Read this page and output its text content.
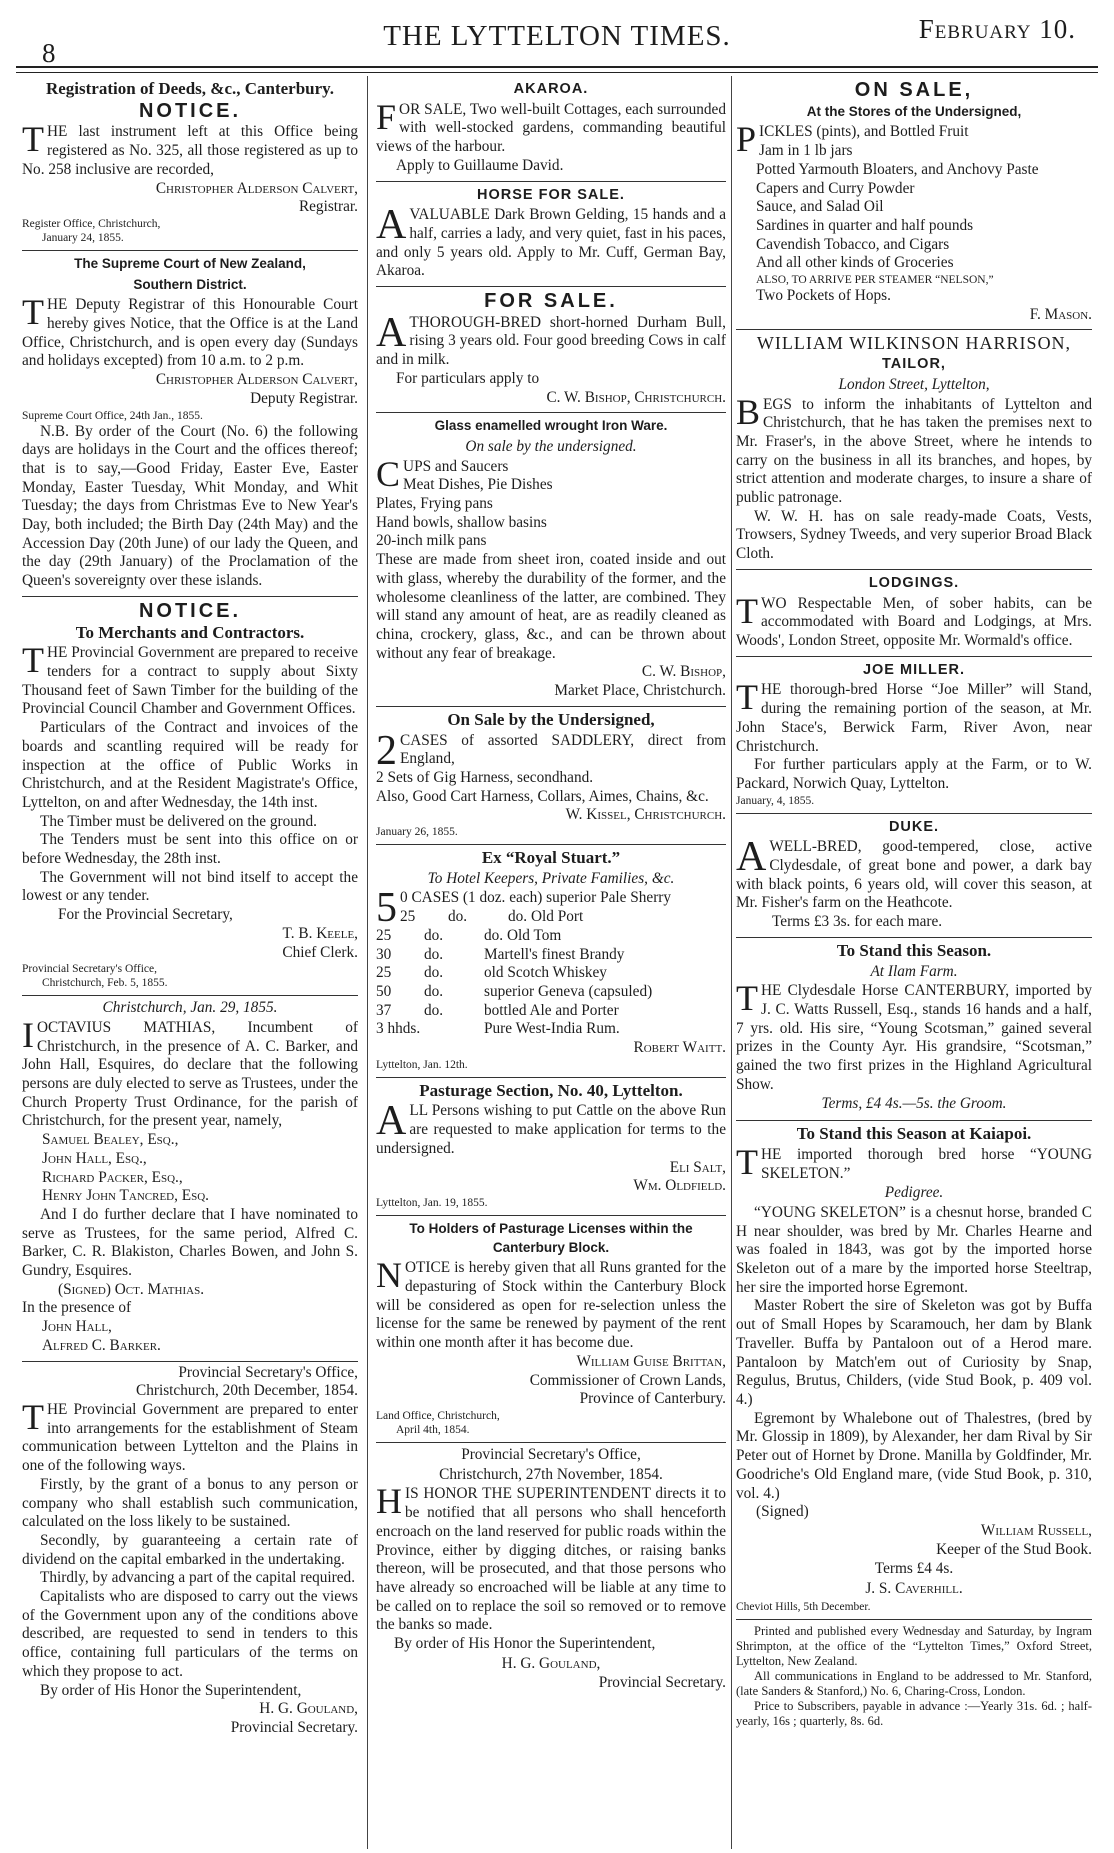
8
THE LYTTELTON TIMES.	February 10.
Registration of Deeds, &c., Canterbury.
NOTICE.

THE last instrument left at this Office being registered as No. 325, all those registered as up to No. 258 inclusive are recorded,

Christopher Alderson Calvert,

Registrar.

Register Office, Christchurch,

January 24, 1855.

The Supreme Court of New Zealand,
Southern District.

THE Deputy Registrar of this Honourable Court hereby gives Notice, that the Office is at the Land Office, Christchurch, and is open every day (Sundays and holidays excepted) from 10 a.m. to 2 p.m.

Christopher Alderson Calvert,

Deputy Registrar.

Supreme Court Office, 24th Jan., 1855.

N.B. By order of the Court (No. 6) the following days are holidays in the Court and the offices thereof; that is to say,—Good Friday, Easter Eve, Easter Monday, Easter Tuesday, Whit Monday, and Whit Tuesday; the days from Christmas Eve to New Year's Day, both included; the Birth Day (24th May) and the Accession Day (20th June) of our lady the Queen, and the day (29th January) of the Proclamation of the Queen's sovereignty over these islands.

NOTICE.
To Merchants and Contractors.

THE Provincial Government are prepared to receive tenders for a contract to supply about Sixty Thousand feet of Sawn Timber for the building of the Provincial Council Chamber and Government Offices.

Particulars of the Contract and invoices of the boards and scantling required will be ready for inspection at the office of Public Works in Christchurch, and at the Resident Magistrate's Office, Lyttelton, on and after Wednesday, the 14th inst.

The Timber must be delivered on the ground.

The Tenders must be sent into this office on or before Wednesday, the 28th inst.

The Government will not bind itself to accept the lowest or any tender.

For the Provincial Secretary,

T. B. Keele,

Chief Clerk.

Provincial Secretary's Office,

Christchurch, Feb. 5, 1855.

Christchurch, Jan. 29, 1855.

IOCTAVIUS MATHIAS, Incumbent of Christchurch, in the presence of A. C. Barker, and John Hall, Esquires, do declare that the following persons are duly elected to serve as Trustees, under the Church Property Trust Ordinance, for the parish of Christchurch, for the present year, namely,

Samuel Bealey, Esq.,

John Hall, Esq.,

Richard Packer, Esq.,

Henry John Tancred, Esq.

And I do further declare that I have nominated to serve as Trustees, for the same period, Alfred C. Barker, C. R. Blakiston, Charles Bowen, and John S. Gundry, Esquires.

(Signed) Oct. Mathias.

In the presence of

John Hall,

Alfred C. Barker.

Provincial Secretary's Office,

Christchurch, 20th December, 1854.

THE Provincial Government are prepared to enter into arrangements for the establishment of Steam communication between Lyttelton and the Plains in one of the following ways.

Firstly, by the grant of a bonus to any person or company who shall establish such communication, calculated on the loss likely to be sustained.

Secondly, by guaranteeing a certain rate of dividend on the capital embarked in the undertaking.

Thirdly, by advancing a part of the capital required.

Capitalists who are disposed to carry out the views of the Government upon any of the conditions above described, are requested to send in tenders to this office, containing full particulars of the terms on which they propose to act.

By order of His Honor the Superintendent,

H. G. Gouland,

Provincial Secretary.

AKAROA.

FOR SALE, Two well-built Cottages, each surrounded with well-stocked gardens, commanding beautiful views of the harbour.

Apply to Guillaume David.

HORSE FOR SALE.

AVALUABLE Dark Brown Gelding, 15 hands and a half, carries a lady, and very quiet, fast in his paces, and only 5 years old. Apply to Mr. Cuff, German Bay, Akaroa.

FOR SALE.

ATHOROUGH-BRED short-horned Durham Bull, rising 3 years old. Four good breeding Cows in calf and in milk.

For particulars apply to

C. W. Bishop, Christchurch.

Glass enamelled wrought Iron Ware.
On sale by the undersigned.

CUPS and Saucers

Meat Dishes, Pie Dishes

Plates, Frying pans

Hand bowls, shallow basins

20-inch milk pans

These are made from sheet iron, coated inside and out with glass, whereby the durability of the former, and the wholesome cleanliness of the latter, are combined. They will stand any amount of heat, are as readily cleaned as china, crockery, glass, &c., and can be thrown about without any fear of breakage.

C. W. Bishop,

Market Place, Christchurch.

On Sale by the Undersigned,

2CASES of assorted SADDLERY, direct from England,

2 Sets of Gig Harness, secondhand.

Also, Good Cart Harness, Collars, Aimes, Chains, &c.

W. Kissel, Christchurch.

January 26, 1855.

Ex “Royal Stuart.”
To Hotel Keepers, Private Families, &c.

50 CASES (1 doz. each) superior Pale Sherry

25	do.	do. Old Port
25	do.	do. Old Tom
30	do.	Martell's finest Brandy
25	do.	old Scotch Whiskey
50	do.	superior Geneva (capsuled)
37	do.	bottled Ale and Porter
3 hhds.	Pure West-India Rum.

Robert Waitt.

Lyttelton, Jan. 12th.

Pasturage Section, No. 40, Lyttelton.

ALL Persons wishing to put Cattle on the above Run are requested to make application for terms to the undersigned.

Eli Salt,

Wm. Oldfield.

Lyttelton, Jan. 19, 1855.

To Holders of Pasturage Licenses within the Canterbury Block.

NOTICE is hereby given that all Runs granted for the depasturing of Stock within the Canterbury Block will be considered as open for re-selection unless the license for the same be renewed by payment of the rent within one month after it has become due.

William Guise Brittan,

Commissioner of Crown Lands,

Province of Canterbury.

Land Office, Christchurch,

April 4th, 1854.

Provincial Secretary's Office,

Christchurch, 27th November, 1854.

HIS HONOR THE SUPERINTENDENT directs it to be notified that all persons who shall henceforth encroach on the land reserved for public roads within the Province, either by digging ditches, or raising banks thereon, will be prosecuted, and that those persons who have already so encroached will be liable at any time to be called on to replace the soil so removed or to remove the banks so made.

By order of His Honor the Superintendent,

H. G. Gouland,

Provincial Secretary.

ON SALE,
At the Stores of the Undersigned,

PICKLES (pints), and Bottled Fruit

Jam in 1 lb jars

Potted Yarmouth Bloaters, and Anchovy Paste

Capers and Curry Powder

Sauce, and Salad Oil

Sardines in quarter and half pounds

Cavendish Tobacco, and Cigars

And all other kinds of Groceries

ALSO, TO ARRIVE PER STEAMER “NELSON,”

Two Pockets of Hops.

F. Mason.

WILLIAM WILKINSON HARRISON,
TAILOR,
London Street, Lyttelton,

BEGS to inform the inhabitants of Lyttelton and Christchurch, that he has taken the premises next to Mr. Fraser's, in the above Street, where he intends to carry on the business in all its branches, and hopes, by strict attention and moderate charges, to insure a share of public patronage.

W. W. H. has on sale ready-made Coats, Vests, Trowsers, Sydney Tweeds, and very superior Broad Black Cloth.

LODGINGS.

TWO Respectable Men, of sober habits, can be accommodated with Board and Lodgings, at Mrs. Woods', London Street, opposite Mr. Wormald's office.

JOE MILLER.

THE thorough-bred Horse “Joe Miller” will Stand, during the remaining portion of the season, at Mr. John Stace's, Berwick Farm, River Avon, near Christchurch.

For further particulars apply at the Farm, or to W. Packard, Norwich Quay, Lyttelton.

January, 4, 1855.

DUKE.

AWELL-BRED, good-tempered, close, active Clydesdale, of great bone and power, a dark bay with black points, 6 years old, will cover this season, at Mr. Fisher's farm on the Heathcote.

Terms £3 3s. for each mare.

To Stand this Season.
At Ilam Farm.

THE Clydesdale Horse CANTERBURY, imported by J. C. Watts Russell, Esq., stands 16 hands and a half, 7 yrs. old. His sire, “Young Scotsman,” gained several prizes in the County Ayr. His grandsire, “Scotsman,” gained the two first prizes in the Highland Agricultural Show.

Terms, £4 4s.—5s. the Groom.

To Stand this Season at Kaiapoi.

THE imported thorough bred horse “YOUNG SKELETON.”

Pedigree.

“YOUNG SKELETON” is a chesnut horse, branded C H near shoulder, was bred by Mr. Charles Hearne and was foaled in 1843, was got by the imported horse Skeleton out of a mare by the imported horse Steeltrap, her sire the imported horse Egremont.

Master Robert the sire of Skeleton was got by Buffa out of Small Hopes by Scaramouch, her dam by Blank Traveller. Buffa by Pantaloon out of a Herod mare. Pantaloon by Match'em out of Curiosity by Snap, Regulus, Brutus, Childers, (vide Stud Book, p. 409 vol. 4.)

Egremont by Whalebone out of Thalestres, (bred by Mr. Glossip in 1809), by Alexander, her dam Rival by Sir Peter out of Hornet by Drone. Manilla by Goldfinder, Mr. Goodriche's Old England mare, (vide Stud Book, p. 310, vol. 4.)

(Signed)

William Russell,

Keeper of the Stud Book.

Terms £4 4s.

J. S. Caverhill.

Cheviot Hills, 5th December.

Printed and published every Wednesday and Saturday, by Ingram Shrimpton, at the office of the “Lyttelton Times,” Oxford Street, Lyttelton, New Zealand.

All communications in England to be addressed to Mr. Stanford, (late Sanders & Stanford,) No. 6, Charing-Cross, London.

Price to Subscribers, payable in advance :—Yearly 31s. 6d. ; half-yearly, 16s ; quarterly, 8s. 6d.
